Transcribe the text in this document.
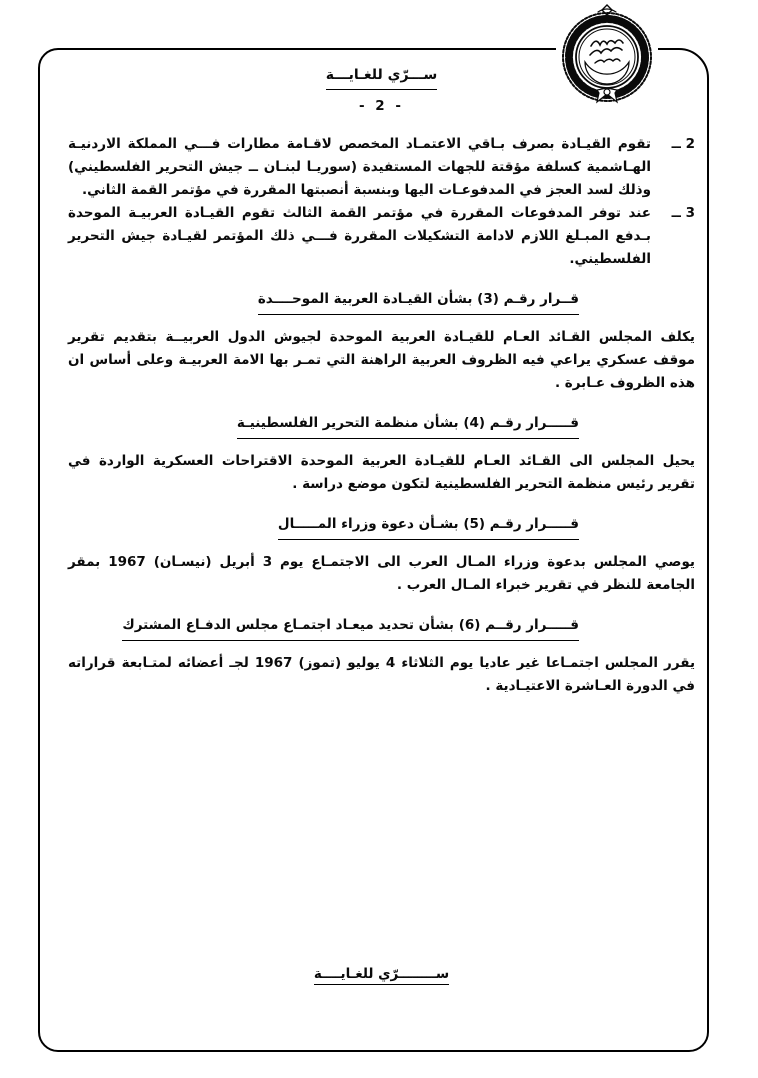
ســـرّي للغـايـــة
- 2 -
2 ــ
تقوم القيـادة بصرف بـاقي الاعتمـاد المخصص لاقـامة مطارات فـــي المملكة الاردنيـة الهـاشمية كسلفة مؤقتة للجهات المستفيدة (سوريـا لبنـان ــ جيش التحرير الفلسطيني) وذلك لسد العجز في المدفوعـات اليها وبنسبة أنصبتها المقررة في مؤتمر القمة الثاني.
3 ــ
عند توفر المدفوعات المقررة في مؤتمر القمة الثالث تقوم القيـادة العربيـة الموحدة بـدفع المبـلغ اللازم لادامة التشكيلات المقررة فـــي ذلك المؤتمر لقيـادة جيش التحرير الفلسطيني.
قــرار رقـم (3) بشأن القيـادة العربية الموحــــدة
يكلف المجلس القـائد العـام للقيـادة العربية الموحدة لجيوش الدول العربيــة بتقديم تقرير موقف عسكري يراعي فيه الظروف العربية الراهنة التي تمـر بها الامة العربيـة وعلى أساس ان هذه الظروف عـابرة .
قـــــرار رقـم (4) بشأن منظمة التحرير الفلسطينيـة
يحيل المجلس الى القـائد العـام للقيـادة العربية الموحدة الاقتراحات العسكرية الواردة في تقرير رئيس منظمة التحرير الفلسطينية لتكون موضع دراسة .
قـــــرار رقـم (5) بشـأن دعوة وزراء المـــــال
يوصي المجلس بدعوة وزراء المـال العرب الى الاجتمـاع يوم 3 أبريل (نيسـان) 1967 بمقر الجامعة للنظر في تقرير خبراء المـال العرب .
قـــــرار رقــم (6) بشأن تحديد ميعـاد اجتمـاع مجلس الدفـاع المشترك
يقرر المجلس اجتمـاعا غير عاديا يوم الثلاثاء 4 يوليو (تموز) 1967 لجـ أعضائه لمتـابعة قراراته في الدورة العـاشرة الاعتيـادية .
ســــــــرّي للغـايــــة
